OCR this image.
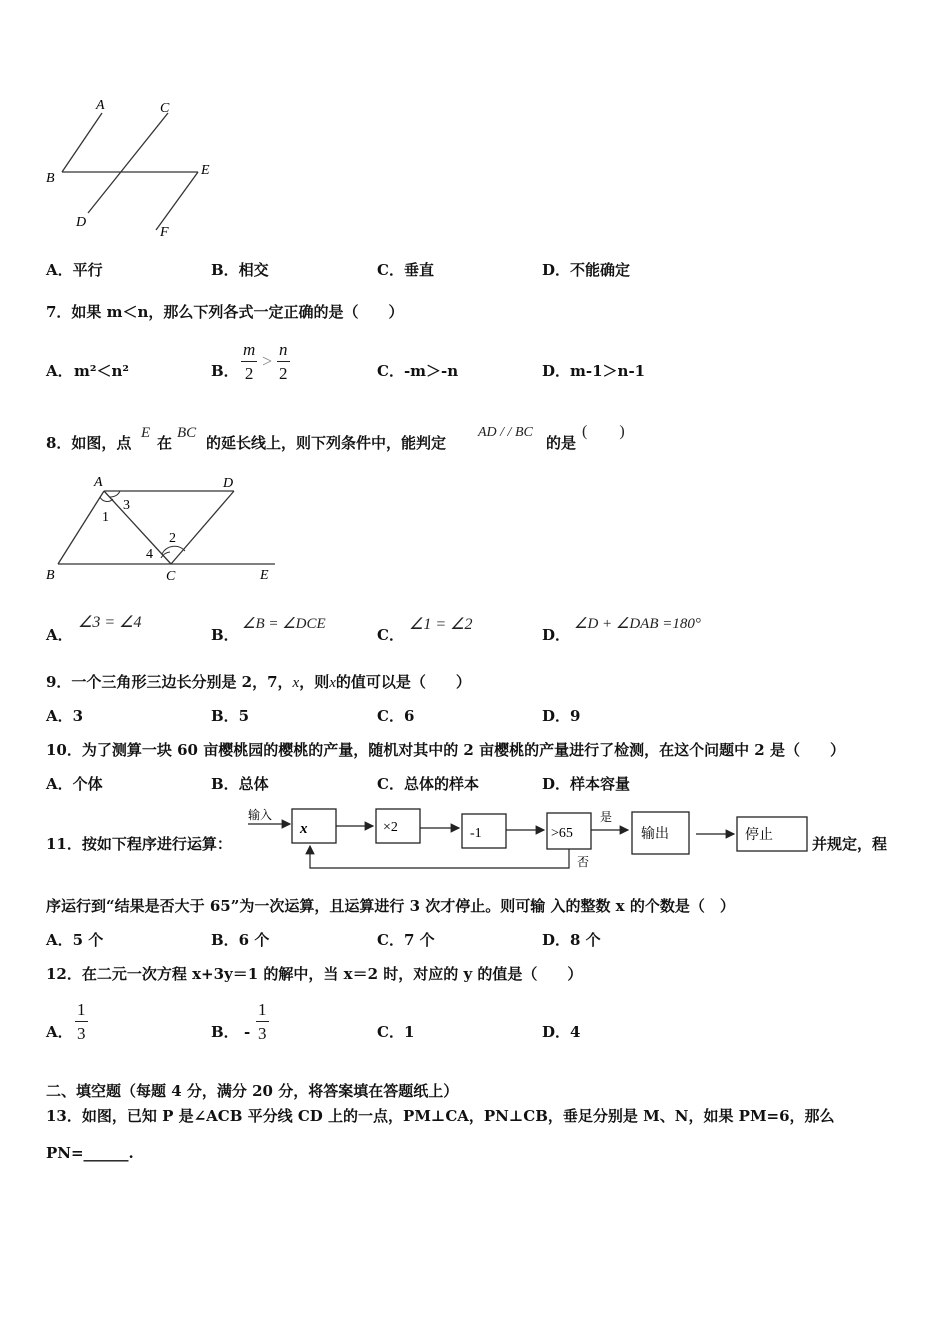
A	C
B
E
D
F
A．平行	B．相交	C．垂直	D．不能确定
7．如果 m＜n，那么下列各式一定正确的是（　　）
A． m²＜n²	B．
m
2
>
n
2	C．-m＞-n	D．m-1＞n-1
8．如图，点
E
在
BC
的延长线上，则下列条件中，能判定
AD / / BC
的是
(　　)
A	D
3
1
2
4
B	C	E
A．
∠3 = ∠4
B．
∠B = ∠DCE
C．
∠1 = ∠2
D．
∠D + ∠DAB =180°
9．一个三角形三边长分别是 2，7，x，则x的值可以是（　　）
A．3	B．5	C．6	D．9
10．为了测算一块 60 亩樱桃园的樱桃的产量，随机对其中的 2 亩樱桃的产量进行了检测，在这个问题中 2 是（　　）
A．个体	B．总体	C．总体的样本	D．样本容量
11．按如下程序进行运算：
输入
x	×2	-1	>65
是
输出	停止
否
并规定，程
序运行到“结果是否大于 65”为一次运算，且运算进行 3 次才停止。则可输 入的整数 x 的个数是（　）
A．5 个	B．6 个	C．7 个	D．8 个
12．在二元一次方程 x+3y＝1 的解中，当 x＝2 时，对应的 y 的值是（　　）
A．
1
3	B． -
1
3	C．1	D．4
二、填空题（每题 4 分，满分 20 分，将答案填在答题纸上）
13．如图，已知 P 是∠ACB 平分线 CD 上的一点，PM⊥CA，PN⊥CB，垂足分别是 M、N，如果 PM=6，那么
PN=______.
